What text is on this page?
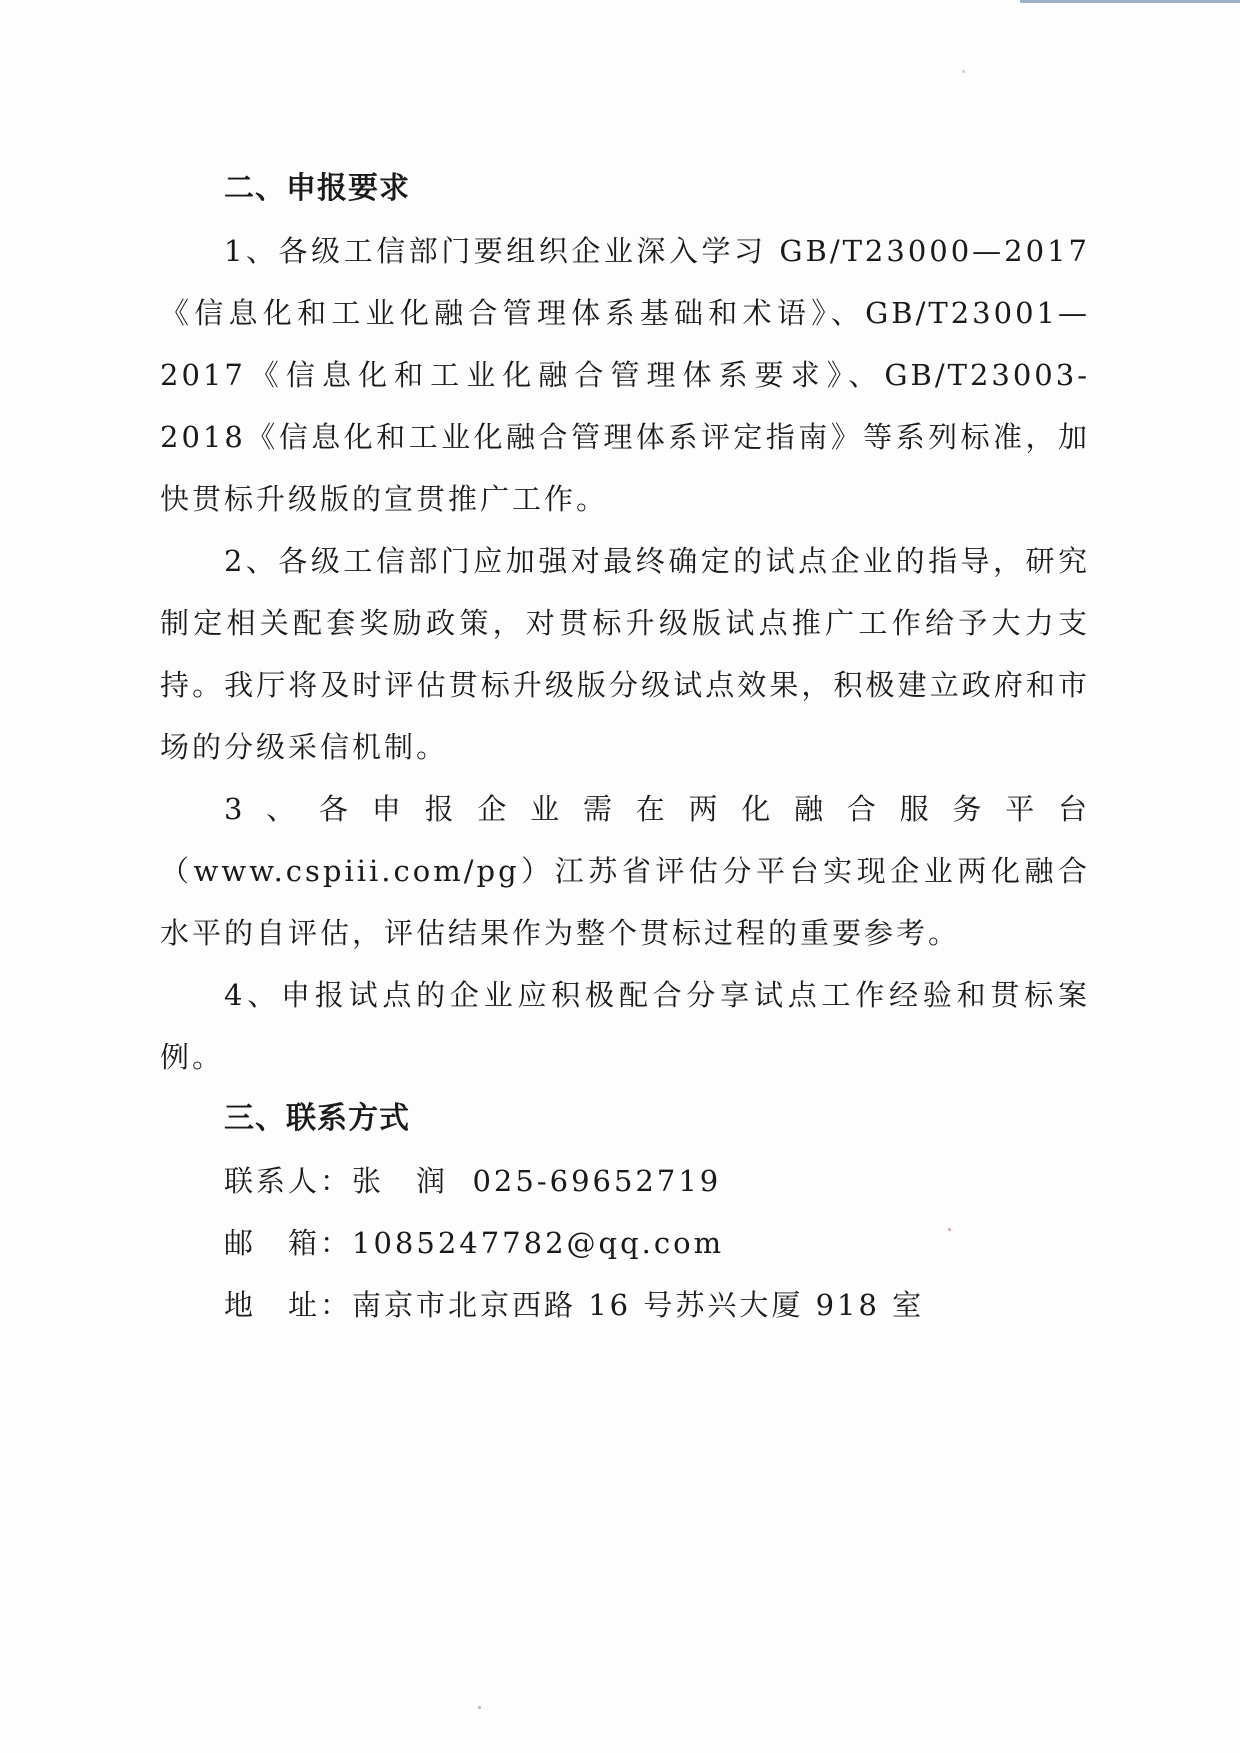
二、申报要求

1、各级工信部门要组织企业深入学习 GB/T23000—2017《信息化和工业化融合管理体系基础和术语》、GB/T23001—2017《信息化和工业化融合管理体系要求》、GB/T23003-2018《信息化和工业化融合管理体系评定指南》等系列标准，加快贯标升级版的宣贯推广工作。

2、各级工信部门应加强对最终确定的试点企业的指导，研究制定相关配套奖励政策，对贯标升级版试点推广工作给予大力支持。我厅将及时评估贯标升级版分级试点效果，积极建立政府和市场的分级采信机制。

3、各申报企业需在两化融合服务平台（www.cspiii.com/pg）江苏省评估分平台实现企业两化融合水平的自评估，评估结果作为整个贯标过程的重要参考。

4、申报试点的企业应积极配合分享试点工作经验和贯标案例。

三、联系方式

联系人：张　润 025-69652719

邮　箱：1085247782@qq.com

地　址：南京市北京西路 16 号苏兴大厦 918 室
